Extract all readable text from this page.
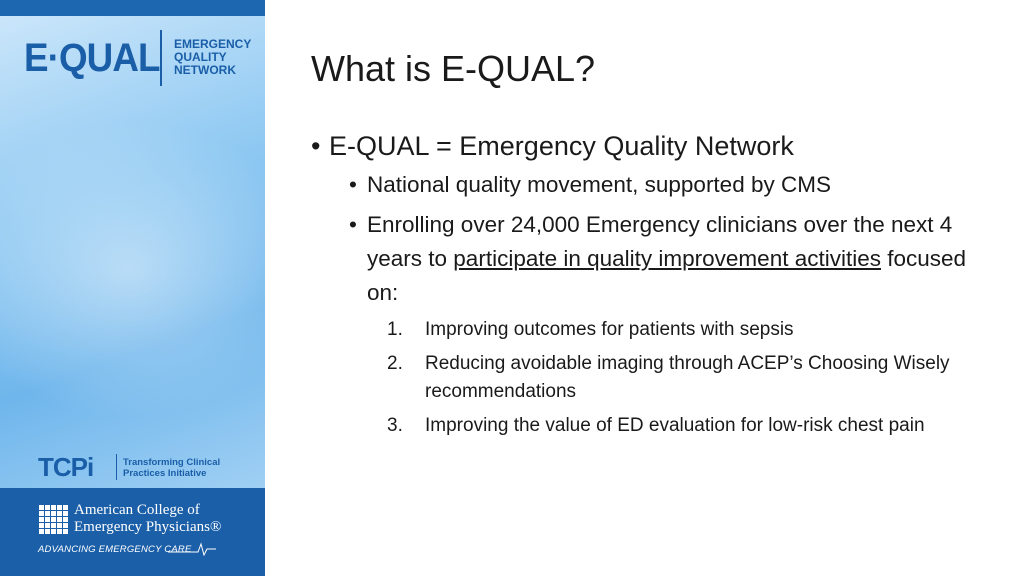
E·QUAL EMERGENCY
QUALITY
NETWORK
TCPi	Transforming Clinical
Practices Initiative
American College of
Emergency Physicians®
ADVANCING EMERGENCY CARE
What is E-QUAL?

• E-QUAL = Emergency Quality Network

• National quality movement, supported by CMS

• Enrolling over 24,000 Emergency clinicians over the next 4 years to participate in quality improvement activities focused on:

1. Improving outcomes for patients with sepsis
2. Reducing avoidable imaging through ACEP’s Choosing Wisely recommendations
3. Improving the value of ED evaluation for low-risk chest pain
